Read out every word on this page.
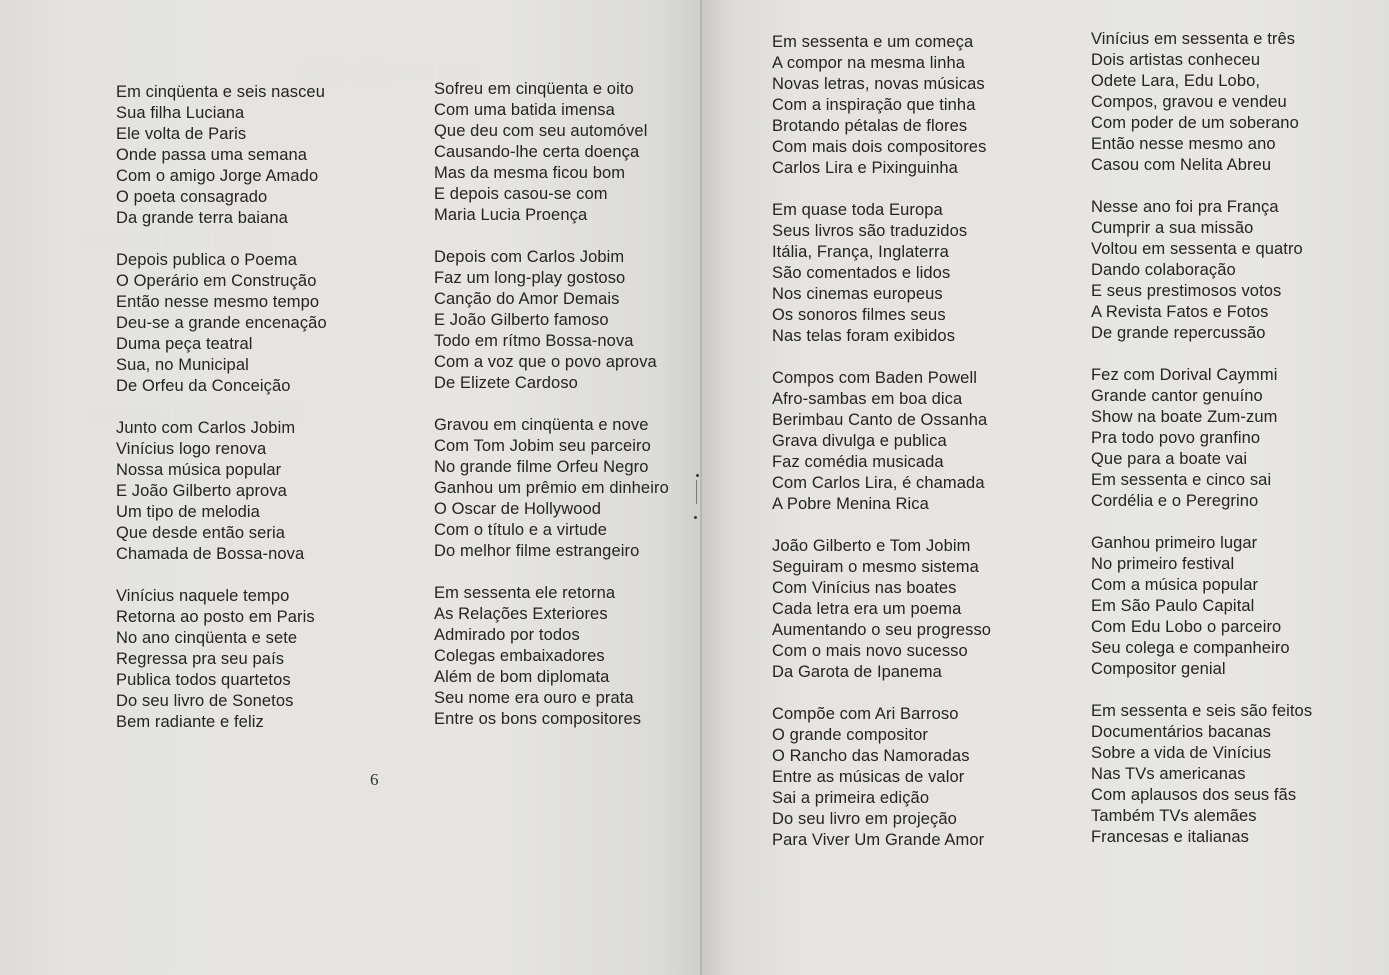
░░░░ ░░░░░ ░░ ░░░░
░░░░░░░ ░░░░ ░░░░░
░░░░░░░ ░░░░░░ ░░░░░
Em cinqüenta e seis nasceu
Sua filha Luciana
Ele volta de Paris
Onde passa uma semana
Com o amigo Jorge Amado
O poeta consagrado
Da grande terra baiana
Depois publica o Poema
O Operário em Construção
Então nesse mesmo tempo
Deu-se a grande encenação
Duma peça teatral
Sua, no Municipal
De Orfeu da Conceição
Junto com Carlos Jobim
Vinícius logo renova
Nossa música popular
E João Gilberto aprova
Um tipo de melodia
Que desde então seria
Chamada de Bossa-nova
Vinícius naquele tempo
Retorna ao posto em Paris
No ano cinqüenta e sete
Regressa pra seu país
Publica todos quartetos
Do seu livro de Sonetos
Bem radiante e feliz
Sofreu em cinqüenta e oito
Com uma batida imensa
Que deu com seu automóvel
Causando-lhe certa doença
Mas da mesma ficou bom
E depois casou-se com
Maria Lucia Proença
Depois com Carlos Jobim
Faz um long-play gostoso
Canção do Amor Demais
E João Gilberto famoso
Todo em rítmo Bossa-nova
Com a voz que o povo aprova
De Elizete Cardoso
Gravou em cinqüenta e nove
Com Tom Jobim seu parceiro
No grande filme Orfeu Negro
Ganhou um prêmio em dinheiro
O Oscar de Hollywood
Com o título e a virtude
Do melhor filme estrangeiro
Em sessenta ele retorna
As Relações Exteriores
Admirado por todos
Colegas embaixadores
Além de bom diplomata
Seu nome era ouro e prata
Entre os bons compositores
6
Em sessenta e um começa
A compor na mesma linha
Novas letras, novas músicas
Com a inspiração que tinha
Brotando pétalas de flores
Com mais dois compositores
Carlos Lira e Pixinguinha
Em quase toda Europa
Seus livros são traduzidos
Itália, França, Inglaterra
São comentados e lidos
Nos cinemas europeus
Os sonoros filmes seus
Nas telas foram exibidos
Compos com Baden Powell
Afro-sambas em boa dica
Berimbau Canto de Ossanha
Grava divulga e publica
Faz comédia musicada
Com Carlos Lira, é chamada
A Pobre Menina Rica
João Gilberto e Tom Jobim
Seguiram o mesmo sistema
Com Vinícius nas boates
Cada letra era um poema
Aumentando o seu progresso
Com o mais novo sucesso
Da Garota de Ipanema
Compõe com Ari Barroso
O grande compositor
O Rancho das Namoradas
Entre as músicas de valor
Sai a primeira edição
Do seu livro em projeção
Para Viver Um Grande Amor
Vinícius em sessenta e três
Dois artistas conheceu
Odete Lara, Edu Lobo,
Compos, gravou e vendeu
Com poder de um soberano
Então nesse mesmo ano
Casou com Nelita Abreu
Nesse ano foi pra França
Cumprir a sua missão
Voltou em sessenta e quatro
Dando colaboração
E seus prestimosos votos
A Revista Fatos e Fotos
De grande repercussão
Fez com Dorival Caymmi
Grande cantor genuíno
Show na boate Zum-zum
Pra todo povo granfino
Que para a boate vai
Em sessenta e cinco sai
Cordélia e o Peregrino
Ganhou primeiro lugar
No primeiro festival
Com a música popular
Em São Paulo Capital
Com Edu Lobo o parceiro
Seu colega e companheiro
Compositor genial
Em sessenta e seis são feitos
Documentários bacanas
Sobre a vida de Vinícius
Nas TVs americanas
Com aplausos dos seus fãs
Também TVs alemães
Francesas e italianas
